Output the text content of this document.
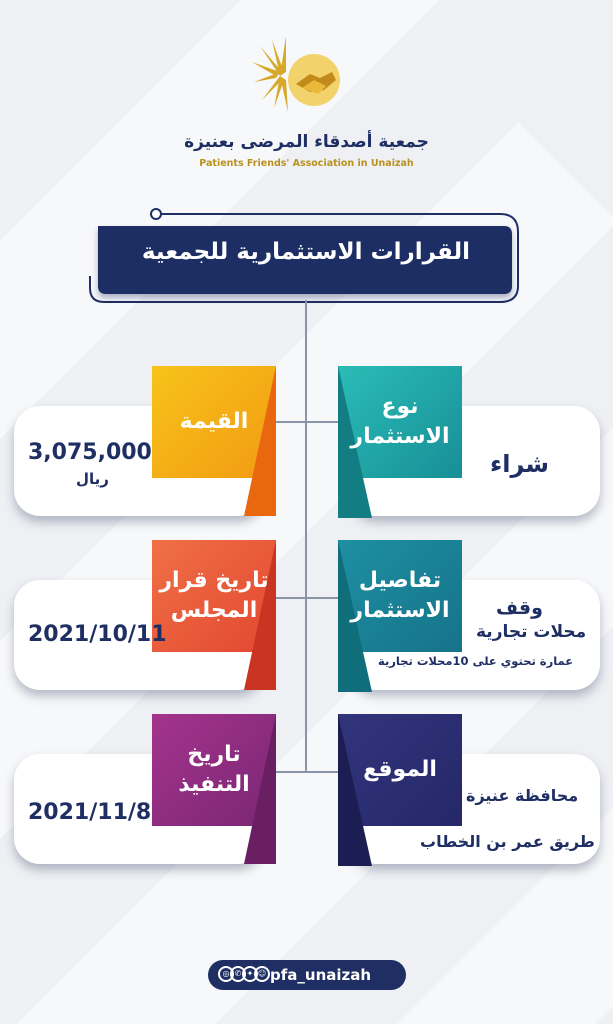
جمعية أصدقاء المرضى بعنيزة
Patients Friends' Association in Unaizah
القرارات الاستثمارية للجمعية
القيمة
نوع
الاستثمار
تاريخ قرار
المجلس
تفاصيل
الاستثمار
تاريخ
التنفيذ
الموقع
3,075,000
ريال
شراء
2021/10/11
وقف
محلات تجارية
عمارة تحتوي على 10محلات تجارية
2021/11/8
محافظة عنيزة
طريق عمر بن الخطاب
◎ ✆ ✦ ☺ pfa_unaizah
